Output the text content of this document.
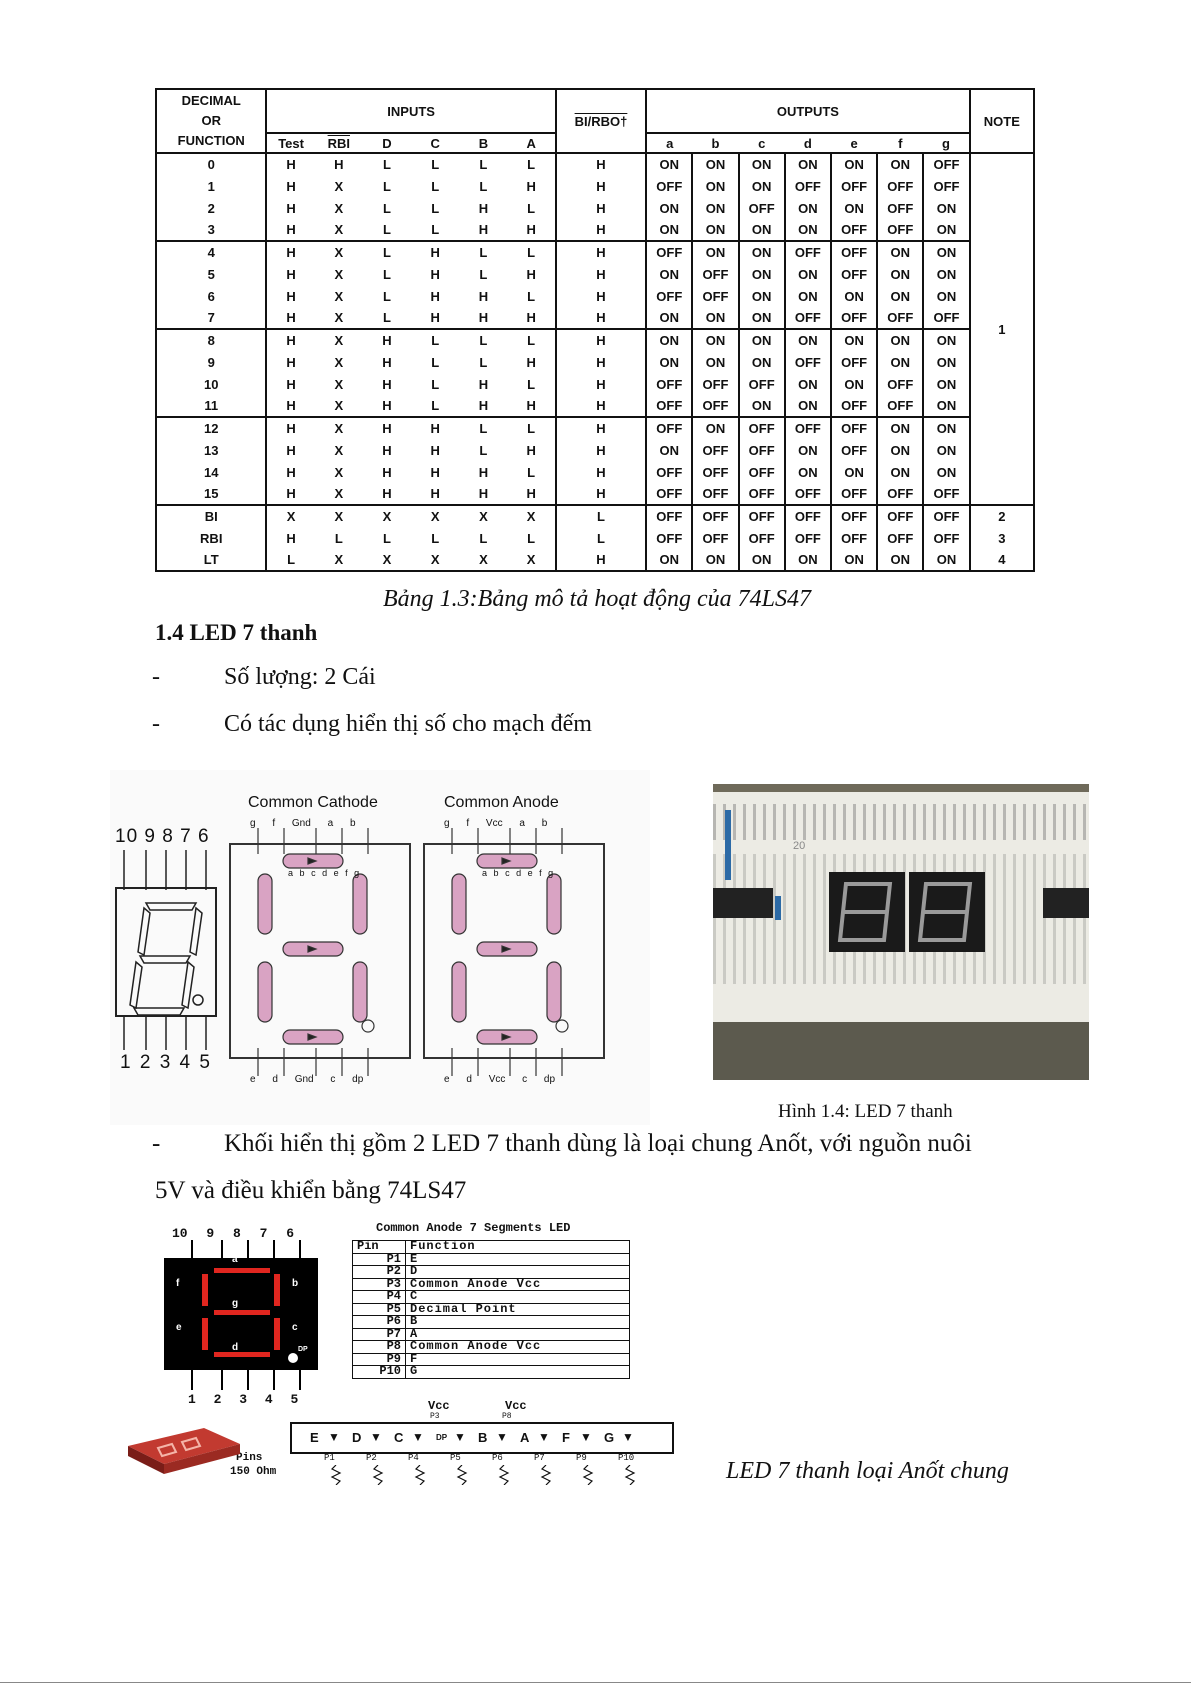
DECIMAL
OR
FUNCTION	INPUTS						BI/RBO†	OUTPUTS							NOTE
	Test	$\overline{RBI}$	D	C	B	A		a	b	c	d	e	f	g	
0	H	H	L	L	L	L	H	ON	ON	ON	ON	ON	ON	OFF	1
1	H	X	L	L	L	H	H	OFF	ON	ON	OFF	OFF	OFF	OFF	
2	H	X	L	L	H	L	H	ON	ON	OFF	ON	ON	OFF	ON	
3	H	X	L	L	H	H	H	ON	ON	ON	ON	OFF	OFF	ON	
4	H	X	L	H	L	L	H	OFF	ON	ON	OFF	OFF	ON	ON	
5	H	X	L	H	L	H	H	ON	OFF	ON	ON	OFF	ON	ON	
6	H	X	L	H	H	L	H	OFF	OFF	ON	ON	ON	ON	ON	
7	H	X	L	H	H	H	H	ON	ON	ON	OFF	OFF	OFF	OFF	
8	H	X	H	L	L	L	H	ON	ON	ON	ON	ON	ON	ON	
9	H	X	H	L	L	H	H	ON	ON	ON	OFF	OFF	ON	ON	
10	H	X	H	L	H	L	H	OFF	OFF	OFF	ON	ON	OFF	ON	
11	H	X	H	L	H	H	H	OFF	OFF	ON	ON	OFF	OFF	ON	
12	H	X	H	H	L	L	H	OFF	ON	OFF	OFF	OFF	ON	ON	
13	H	X	H	H	L	H	H	ON	OFF	OFF	ON	OFF	ON	ON	
14	H	X	H	H	H	L	H	OFF	OFF	OFF	ON	ON	ON	ON	
15	H	X	H	H	H	H	H	OFF	OFF	OFF	OFF	OFF	OFF	OFF	
BI	X	X	X	X	X	X	L	OFF	OFF	OFF	OFF	OFF	OFF	OFF	2
RBI	H	L	L	L	L	L	L	OFF	OFF	OFF	OFF	OFF	OFF	OFF	3
LT	L	X	X	X	X	X	H	ON	ON	ON	ON	ON	ON	ON	4
Bảng 1.3:Bảng mô tả hoạt động của 74LS47
1.4 LED 7 thanh
-	Số lượng: 2 Cái
-	Có tác dụng hiển thị số cho mạch đếm
10 9 8 7 6
1 2 3 4 5
Common Cathode	Common Anode
g f Gnd a b
e d Gnd c dp
g f Vcc a b
e d Vcc c dp
a b c d e f g	a b c d e f g
20
Hình 1.4: LED 7 thanh
-	Khối hiển thị gồm 2 LED 7 thanh dùng là loại chung Anốt, với nguồn nuôi
5V và điều khiển bằng 74LS47
Common Anode 7 Segments LED
10 9 8 7 6
a
b
c
d
e
f
g
DP
1 2 3 4 5
Pin	Function
P1	E
P2	D
P3	Common Anode Vcc
P4	C
P5	Decimal Point
P6	B
P7	A
P8	Common Anode Vcc
P9	F
P10	G
Vcc	Vcc
P3	P8
E ▼ D ▼ C ▼ DP ▼ B ▼ A ▼ F ▼ G ▼
P1	P2	P4	P5	P6	P7	P9	P10
Pins
150 Ohm	LED 7 thanh loại Anốt chung
